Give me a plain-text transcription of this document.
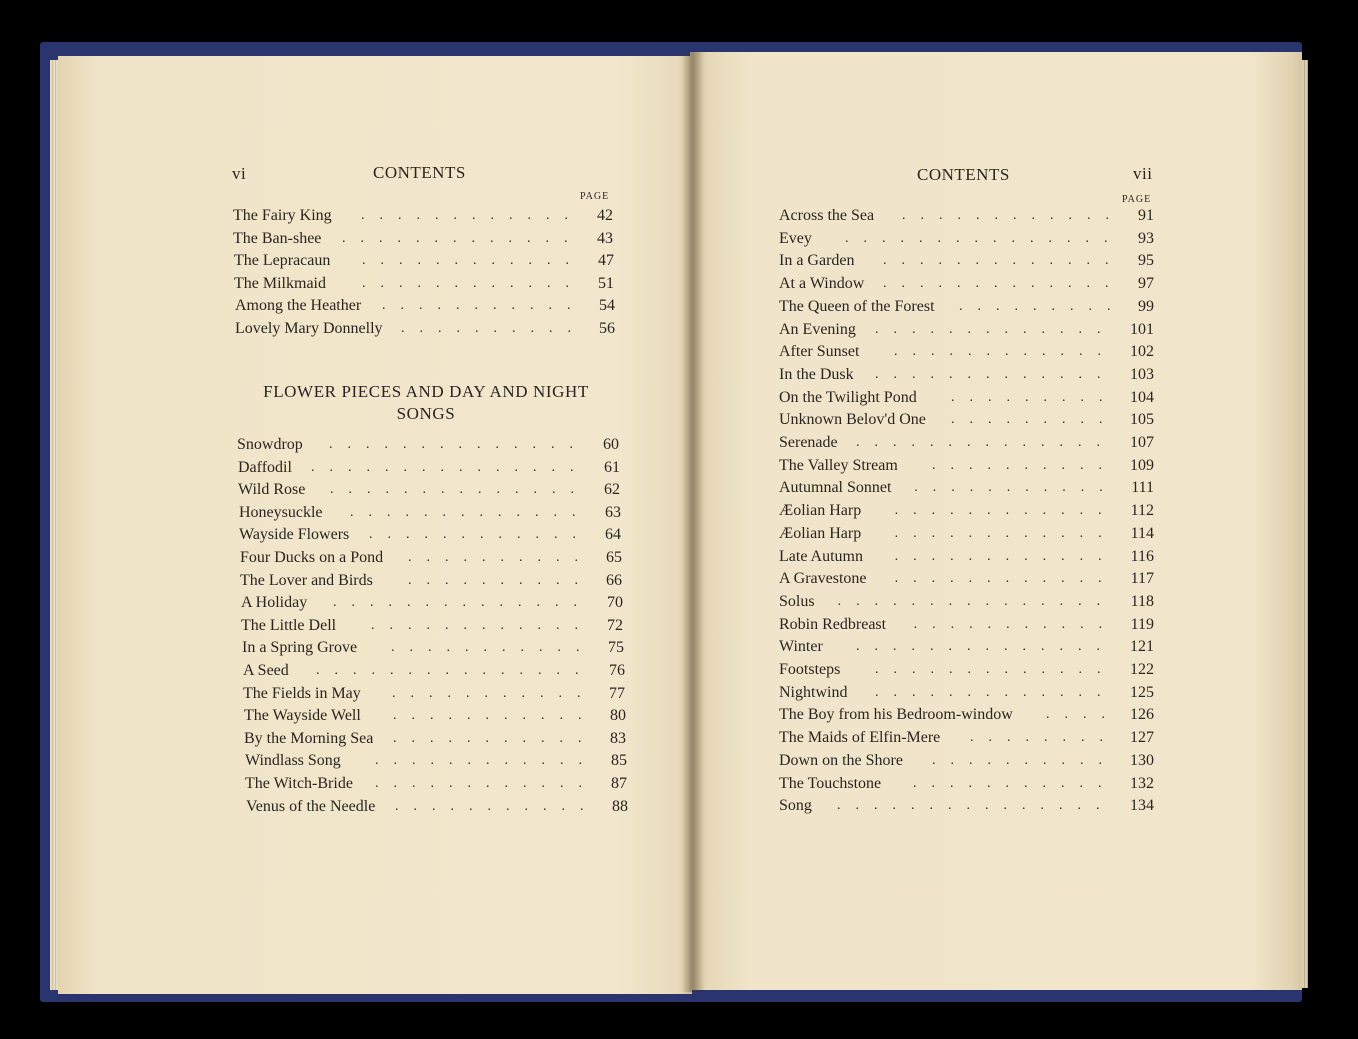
vi	CONTENTS
PAGE
The Fairy King	42
............
The Ban-shee	43
.............
The Lepracaun	47
............
The Milkmaid	51
............
Among the Heather	54
...........
Lovely Mary Donnelly	56
..........
FLOWER PIECES AND DAY AND NIGHT
SONGS
Snowdrop	60
..............
Daffodil	61
...............
Wild Rose	62
..............
Honeysuckle	63
.............
Wayside Flowers	64
............
Four Ducks on a Pond	65
..........
The Lover and Birds	66
..........
A Holiday	70
..............
The Little Dell	72
............
In a Spring Grove	75
...........
A Seed	76
...............
The Fields in May	77
...........
The Wayside Well	80
...........
By the Morning Sea	83
...........
Windlass Song	85
............
The Witch-Bride	87
............
Venus of the Needle	88
...........
CONTENTS	vii
PAGE
Across the Sea	91
............
Evey	93
...............
In a Garden	95
.............
At a Window	97
.............
The Queen of the Forest	99
.........
An Evening	101
.............
After Sunset	102
............
In the Dusk	103
.............
On the Twilight Pond	104
.........
Unknown Belov'd One	105
.........
Serenade	107
..............
The Valley Stream	109
..........
Autumnal Sonnet	111
...........
Æolian Harp	112
............
Æolian Harp	114
............
Late Autumn	116
............
A Gravestone	117
............
Solus	118
...............
Robin Redbreast	119
...........
Winter	121
..............
Footsteps	122
.............
Nightwind	125
.............
The Boy from his Bedroom-window	126
....
The Maids of Elfin-Mere	127
........
Down on the Shore	130
..........
The Touchstone	132
...........
Song	134
...............
